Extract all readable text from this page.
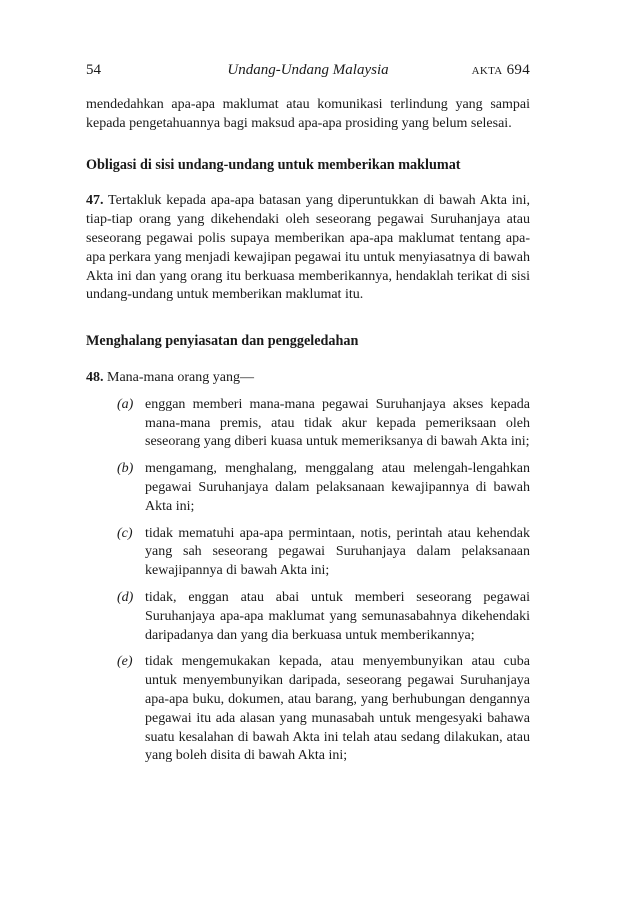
54	Undang-Undang Malaysia	AKTA 694

mendedahkan apa-apa maklumat atau komunikasi terlindung yang sampai kepada pengetahuannya bagi maksud apa-apa prosiding yang belum selesai.

Obligasi di sisi undang-undang untuk memberikan maklumat

47. Tertakluk kepada apa-apa batasan yang diperuntukkan di bawah Akta ini, tiap-tiap orang yang dikehendaki oleh seseorang pegawai Suruhanjaya atau seseorang pegawai polis supaya memberikan apa-apa maklumat tentang apa-apa perkara yang menjadi kewajipan pegawai itu untuk menyiasatnya di bawah Akta ini dan yang orang itu berkuasa memberikannya, hendaklah terikat di sisi undang-undang untuk memberikan maklumat itu.

Menghalang penyiasatan dan penggeledahan

48. Mana-mana orang yang—

(a) enggan memberi mana-mana pegawai Suruhanjaya akses kepada mana-mana premis, atau tidak akur kepada pemeriksaan oleh seseorang yang diberi kuasa untuk memeriksanya di bawah Akta ini;
(b) mengamang, menghalang, menggalang atau melengah-lengahkan pegawai Suruhanjaya dalam pelaksanaan kewajipannya di bawah Akta ini;
(c) tidak mematuhi apa-apa permintaan, notis, perintah atau kehendak yang sah seseorang pegawai Suruhanjaya dalam pelaksanaan kewajipannya di bawah Akta ini;
(d) tidak, enggan atau abai untuk memberi seseorang pegawai Suruhanjaya apa-apa maklumat yang semunasabahnya dikehendaki daripadanya dan yang dia berkuasa untuk memberikannya;
(e) tidak mengemukakan kepada, atau menyembunyikan atau cuba untuk menyembunyikan daripada, seseorang pegawai Suruhanjaya apa-apa buku, dokumen, atau barang, yang berhubungan dengannya pegawai itu ada alasan yang munasabah untuk mengesyaki bahawa suatu kesalahan di bawah Akta ini telah atau sedang dilakukan, atau yang boleh disita di bawah Akta ini;
